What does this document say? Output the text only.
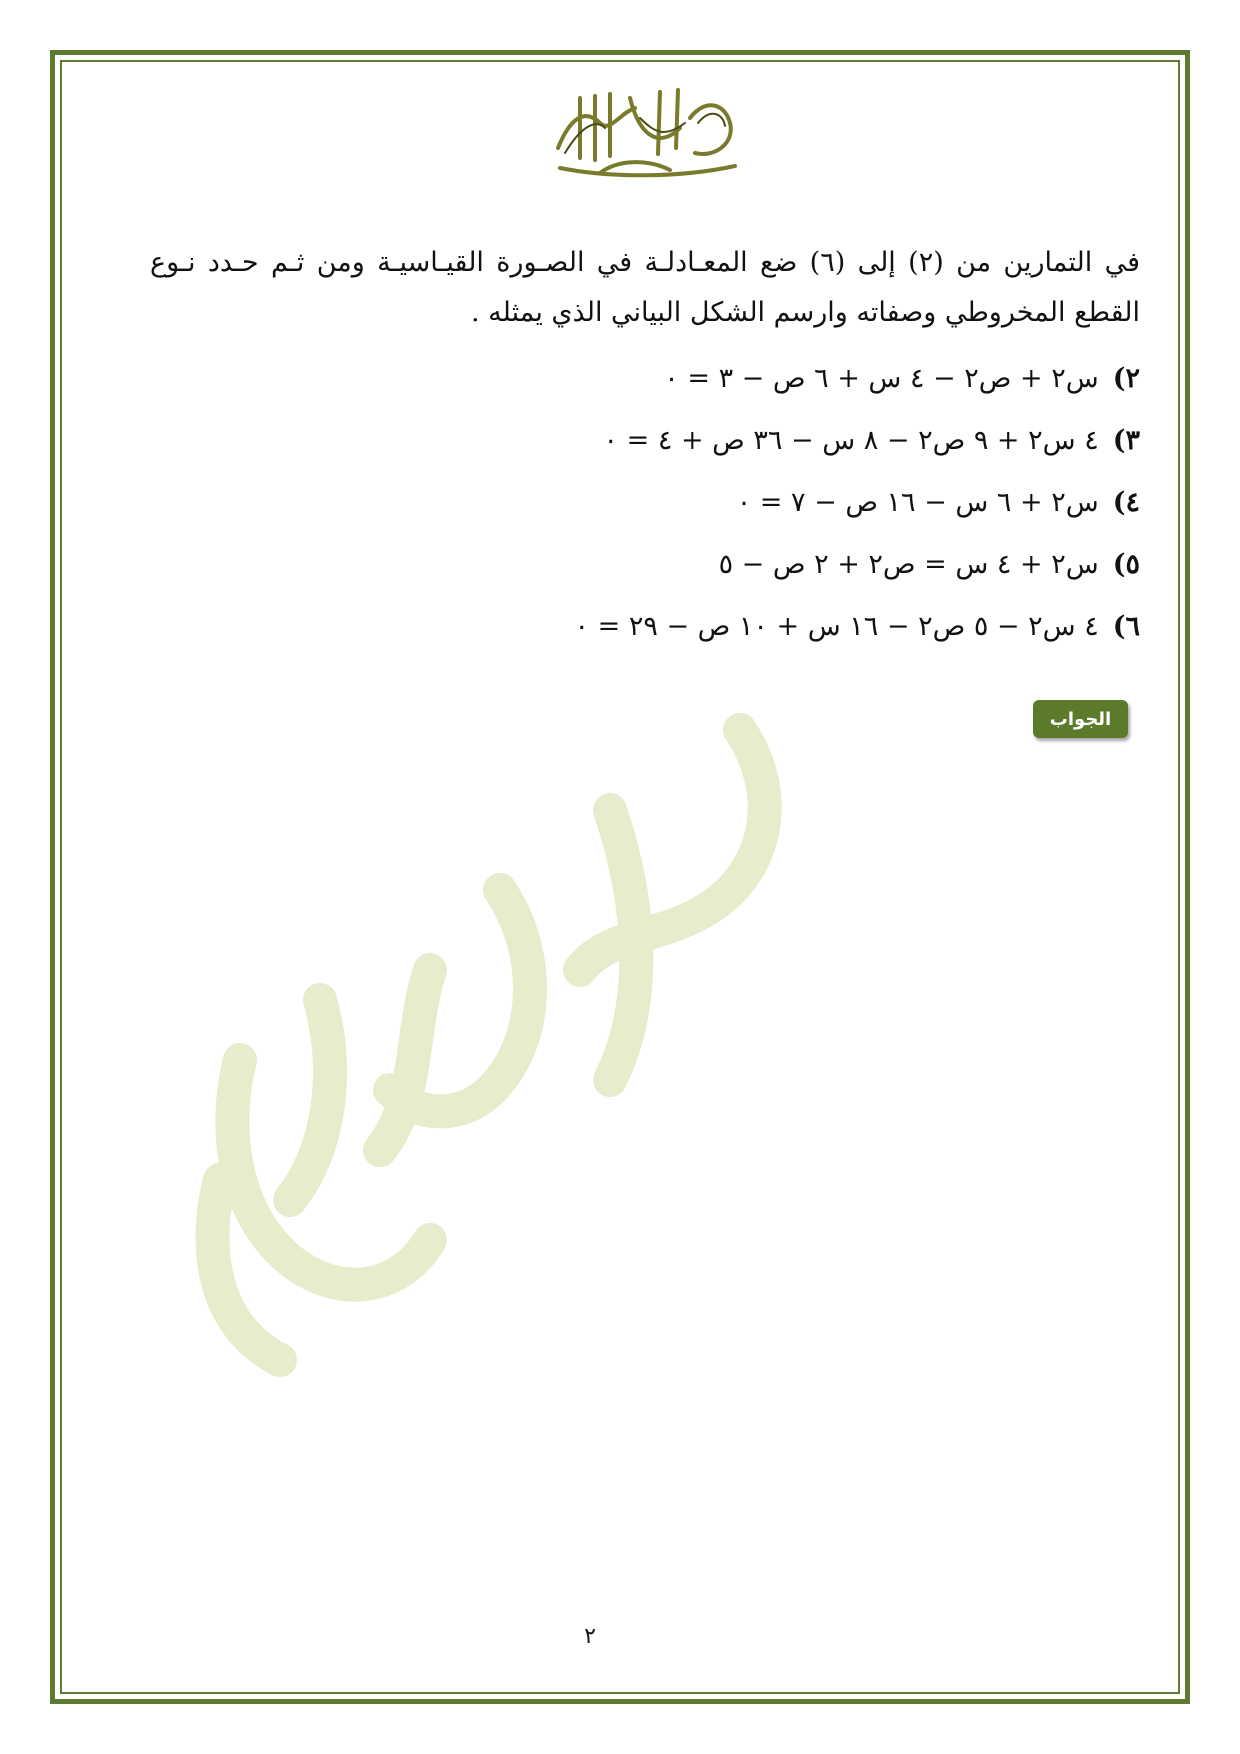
في التمارين من (٢) إلى (٦) ضع المعـادلـة في الصـورة القيـاسيـة ومن ثـم حـدد نـوع القطع المخروطي وصفاته وارسم الشكل البياني الذي يمثله .

٢)
س٢ + ص٢ − ٤ س + ٦ ص − ٣ = ٠
٣)
٤ س٢ + ٩ ص٢ − ٨ س − ٣٦ ص + ٤ = ٠
٤)
س٢ + ٦ س − ١٦ ص − ٧ = ٠
٥)
س٢ + ٤ س = ص٢ + ٢ ص − ٥
٦)
٤ س٢ − ٥ ص٢ − ١٦ س + ١٠ ص − ٢٩ = ٠
الجواب
٢
